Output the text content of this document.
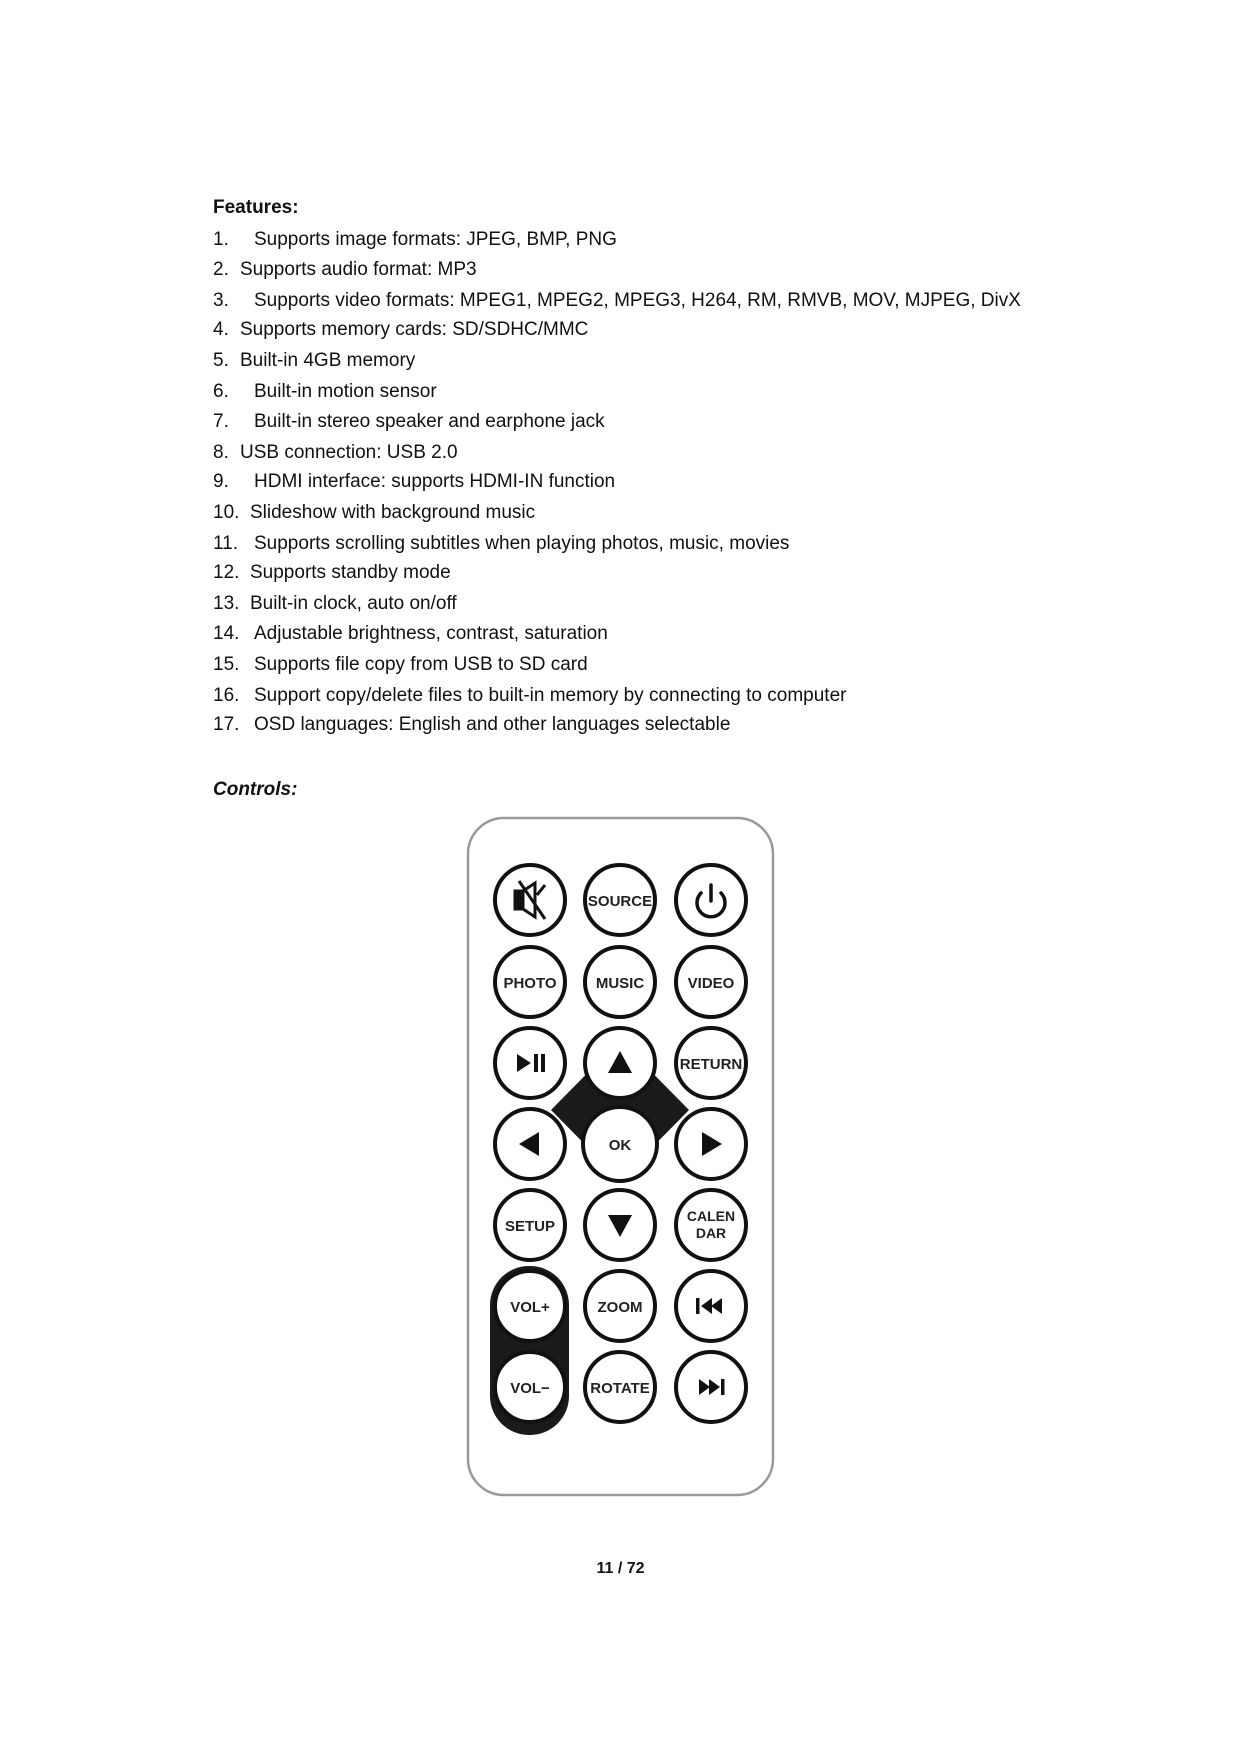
Features:
1. Supports image formats: JPEG, BMP, PNG
2. Supports audio format: MP3
3. Supports video formats: MPEG1, MPEG2, MPEG3, H264, RM, RMVB, MOV, MJPEG, DivX
4. Supports memory cards: SD/SDHC/MMC
5. Built-in 4GB memory
6. Built-in motion sensor
7. Built-in stereo speaker and earphone jack
8. USB connection: USB 2.0
9. HDMI interface: supports HDMI-IN function
10. Slideshow with background music
11. Supports scrolling subtitles when playing photos, music, movies
12. Supports standby mode
13. Built-in clock, auto on/off
14. Adjustable brightness, contrast, saturation
15. Supports file copy from USB to SD card
16. Support copy/delete files to built-in memory by connecting to computer
17. OSD languages: English and other languages selectable
Controls:
SOURCE
PHOTO	MUSIC	VIDEO
RETURN
OK
SETUP
CALEN
DAR
VOL+	ZOOM
VOL−	ROTATE
11 / 72
